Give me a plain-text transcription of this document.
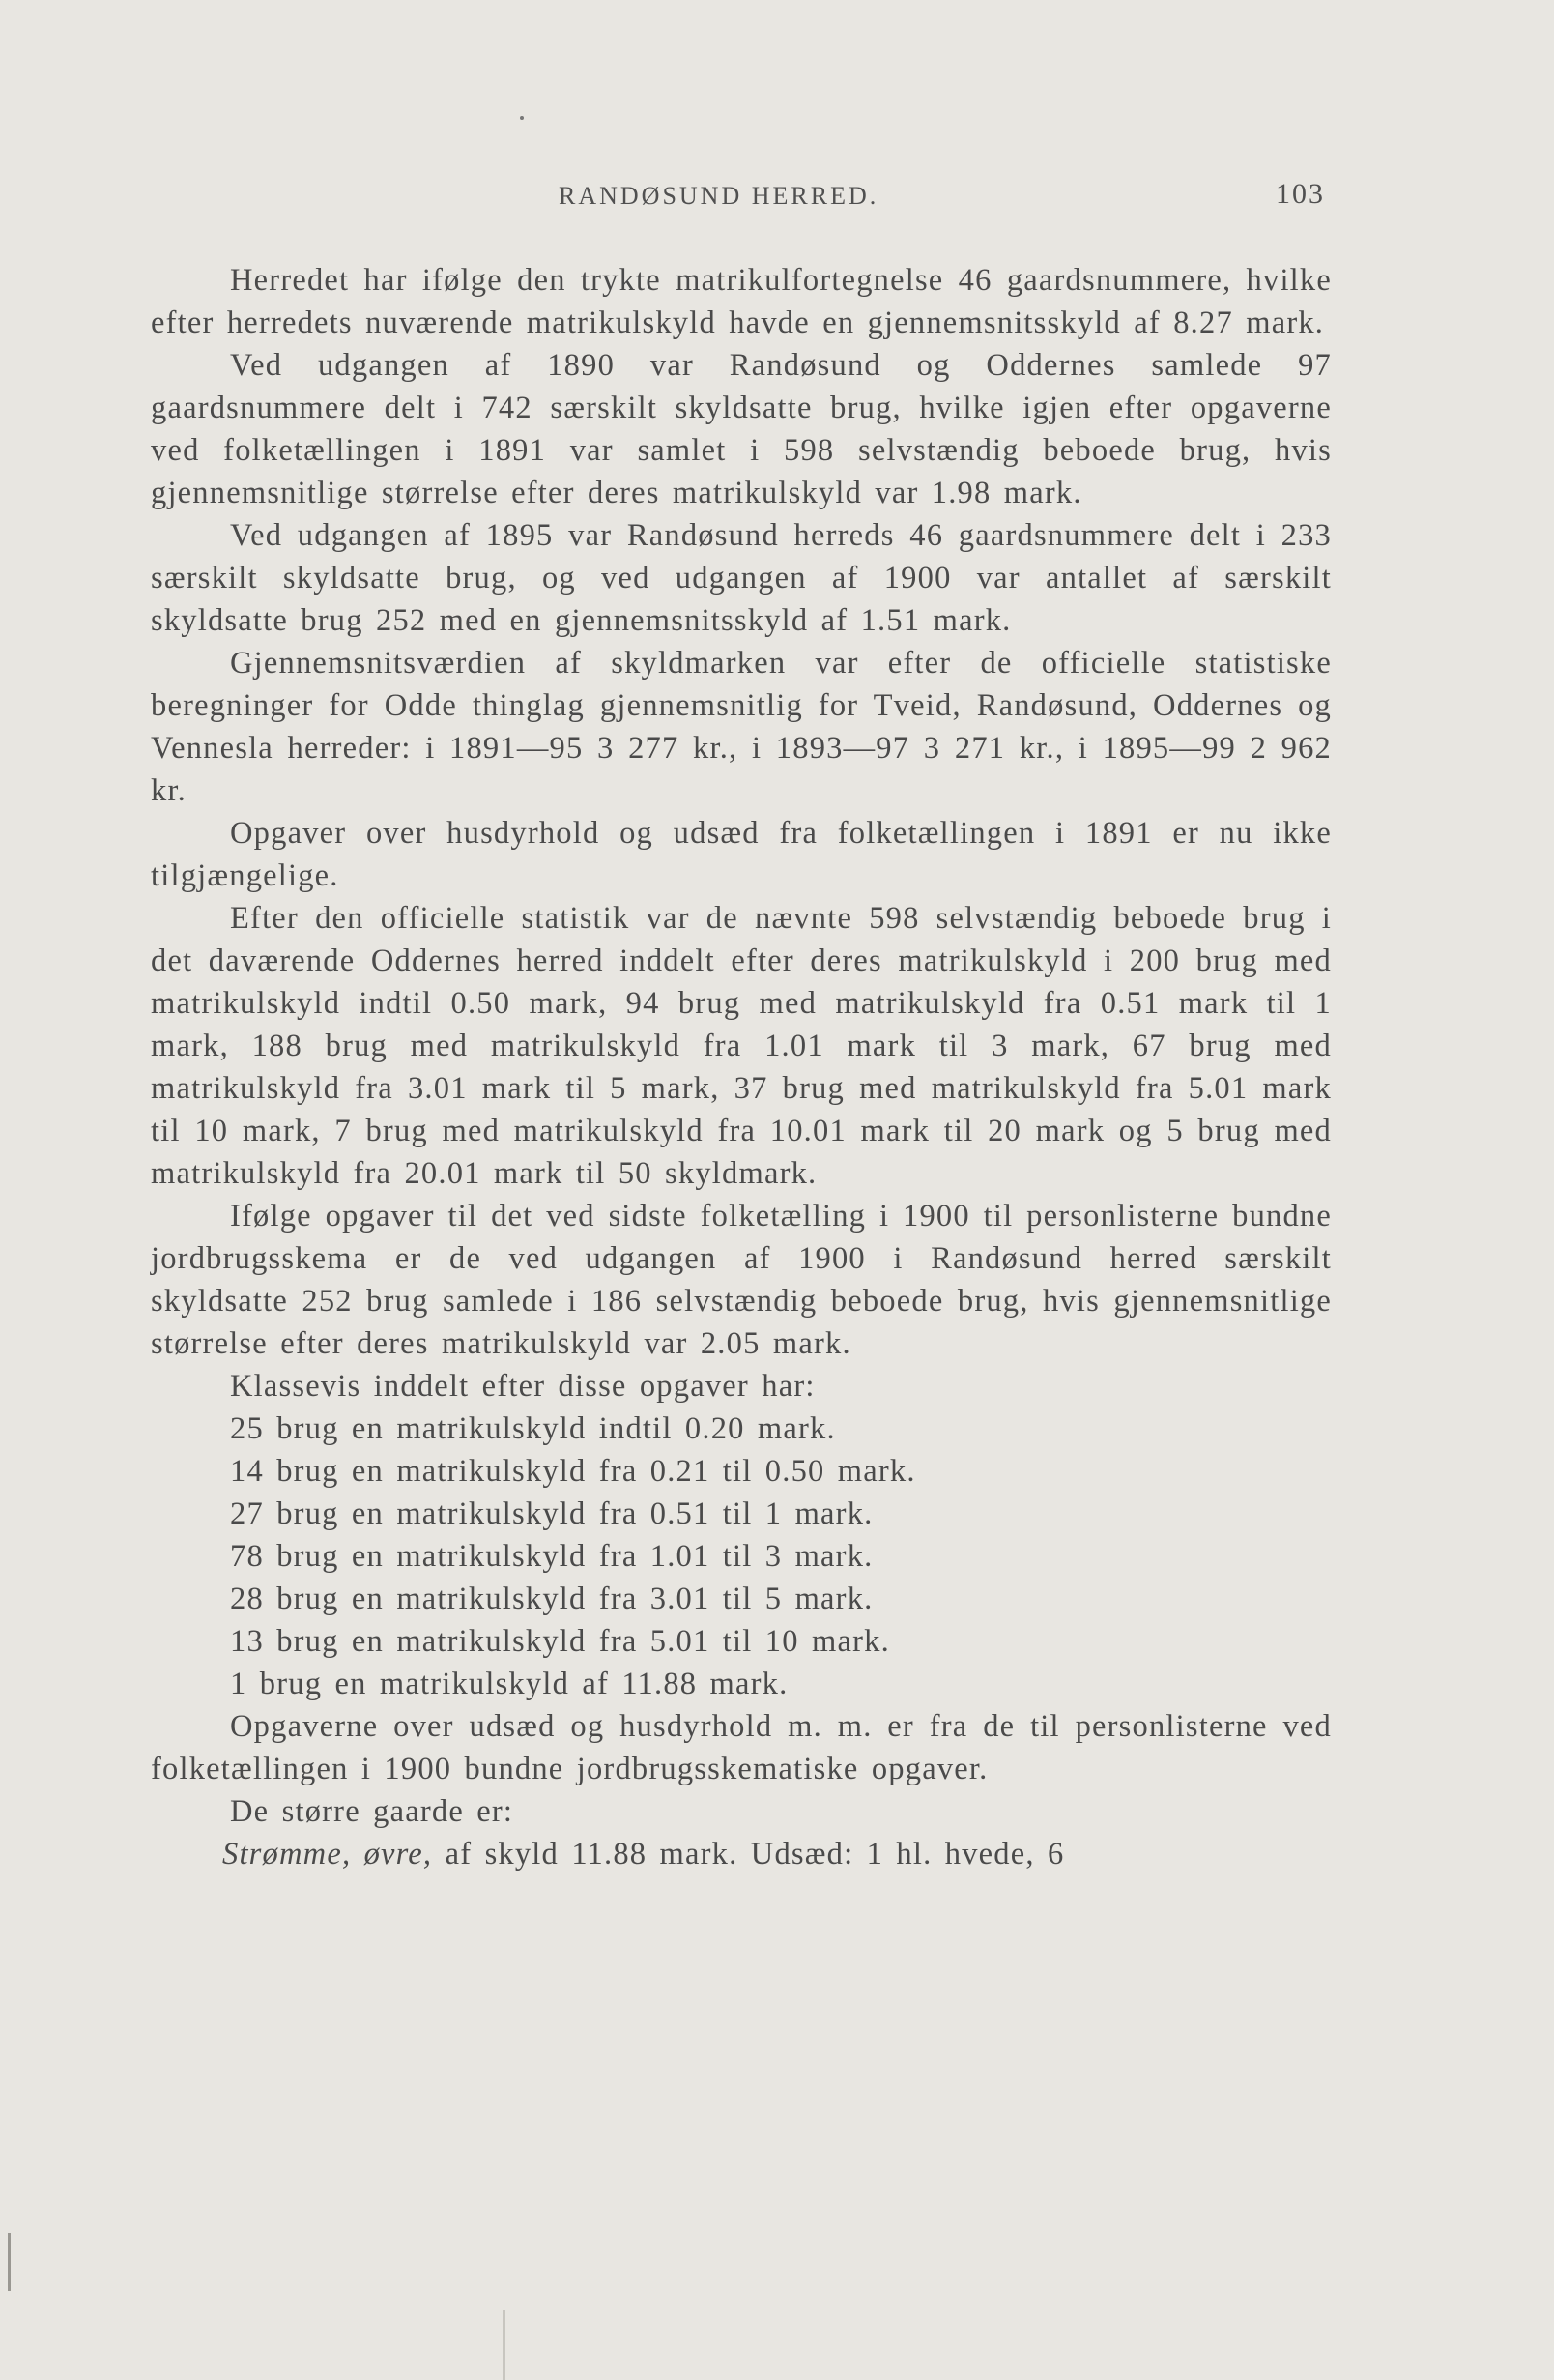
RANDØSUND HERRED.	103

Herredet har ifølge den trykte matrikulfortegnelse 46 gaardsnummere, hvilke efter herredets nuværende matrikulskyld havde en gjennemsnitsskyld af 8.27 mark.

Ved udgangen af 1890 var Randøsund og Oddernes samlede 97 gaardsnummere delt i 742 særskilt skyldsatte brug, hvilke igjen efter opgaverne ved folketællingen i 1891 var samlet i 598 selvstændig beboede brug, hvis gjennemsnitlige størrelse efter deres matrikulskyld var 1.98 mark.

Ved udgangen af 1895 var Randøsund herreds 46 gaardsnummere delt i 233 særskilt skyldsatte brug, og ved udgangen af 1900 var antallet af særskilt skyldsatte brug 252 med en gjennemsnitsskyld af 1.51 mark.

Gjennemsnitsværdien af skyldmarken var efter de officielle statistiske beregninger for Odde thinglag gjennemsnitlig for Tveid, Randøsund, Oddernes og Vennesla herreder: i 1891—95 3 277 kr., i 1893—97 3 271 kr., i 1895—99 2 962 kr.

Opgaver over husdyrhold og udsæd fra folketællingen i 1891 er nu ikke tilgjængelige.

Efter den officielle statistik var de nævnte 598 selvstændig beboede brug i det daværende Oddernes herred inddelt efter deres matrikulskyld i 200 brug med matrikulskyld indtil 0.50 mark, 94 brug med matrikulskyld fra 0.51 mark til 1 mark, 188 brug med matrikulskyld fra 1.01 mark til 3 mark, 67 brug med matrikulskyld fra 3.01 mark til 5 mark, 37 brug med matrikulskyld fra 5.01 mark til 10 mark, 7 brug med matrikulskyld fra 10.01 mark til 20 mark og 5 brug med matrikulskyld fra 20.01 mark til 50 skyldmark.

Ifølge opgaver til det ved sidste folketælling i 1900 til personlisterne bundne jordbrugsskema er de ved udgangen af 1900 i Randøsund herred særskilt skyldsatte 252 brug samlede i 186 selvstændig beboede brug, hvis gjennemsnitlige størrelse efter deres matrikulskyld var 2.05 mark.

Klassevis inddelt efter disse opgaver har:

25 brug en matrikulskyld indtil 0.20 mark.
14 brug en matrikulskyld fra 0.21 til 0.50 mark.
27 brug en matrikulskyld fra 0.51 til 1 mark.
78 brug en matrikulskyld fra 1.01 til 3 mark.
28 brug en matrikulskyld fra 3.01 til 5 mark.
13 brug en matrikulskyld fra 5.01 til 10 mark.
1 brug en matrikulskyld af 11.88 mark.

Opgaverne over udsæd og husdyrhold m. m. er fra de til personlisterne ved folketællingen i 1900 bundne jordbrugsskematiske opgaver.

De større gaarde er:

Strømme, øvre, af skyld 11.88 mark. Udsæd: 1 hl. hvede, 6
